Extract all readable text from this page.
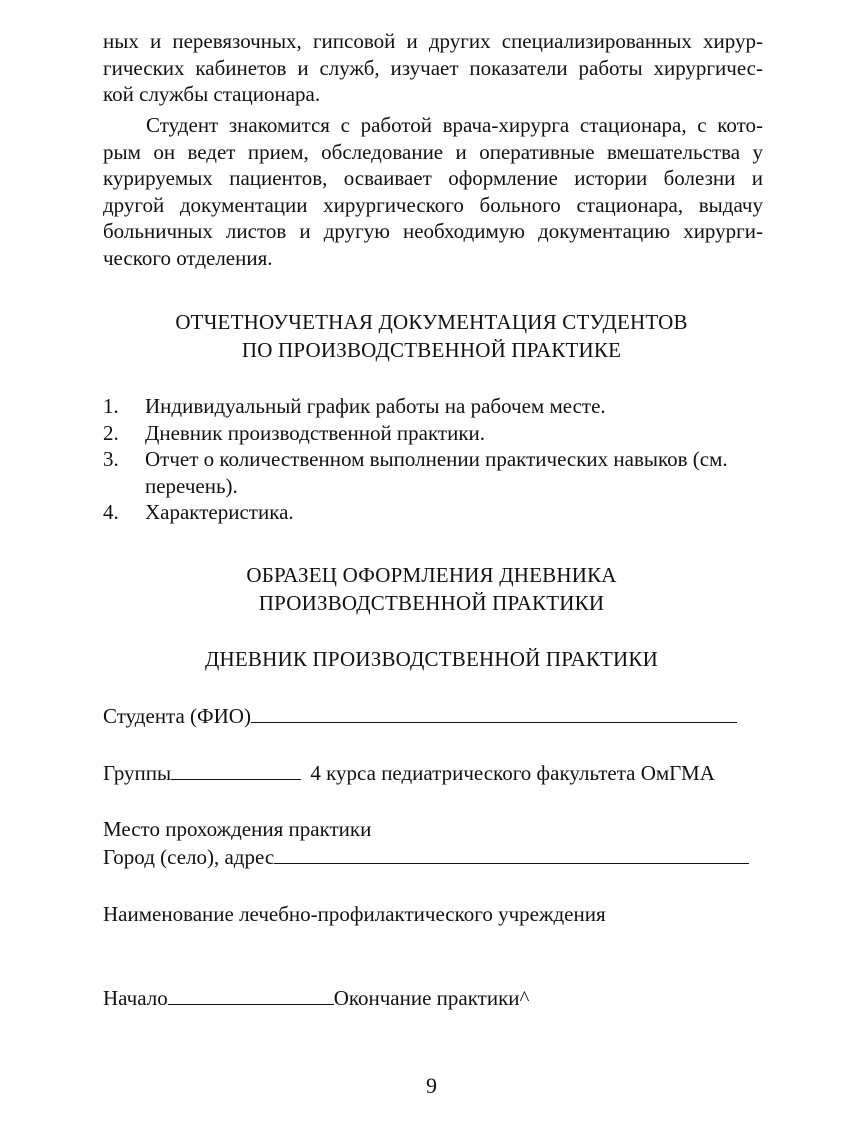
ных и перевязочных, гипсовой и других специализированных хирур-
гических кабинетов и служб, изучает показатели работы хирургичес-
кой службы стационара.
Студент знакомится с работой врача-хирурга стационара, с кото-
рым он ведет прием, обследование и оперативные вмешательства у
курируемых пациентов, осваивает оформление истории болезни и
другой документации хирургического больного стационара, выдачу
больничных листов и другую необходимую документацию хирурги-
ческого отделения.
ОТЧЕТНОУЧЕТНАЯ ДОКУМЕНТАЦИЯ СТУДЕНТОВ
ПО ПРОИЗВОДСТВЕННОЙ ПРАКТИКЕ
1. Индивидуальный график работы на рабочем месте.
2. Дневник производственной практики.
3. Отчет о количественном выполнении практических навыков (см. перечень).
4. Характеристика.
ОБРАЗЕЦ ОФОРМЛЕНИЯ ДНЕВНИКА
ПРОИЗВОДСТВЕННОЙ ПРАКТИКИ
ДНЕВНИК ПРОИЗВОДСТВЕННОЙ ПРАКТИКИ
Студента (ФИО)
Группы	4 курса педиатрического факультета ОмГМА
Место прохождения практики
Город (село), адрес
Наименование лечебно-профилактического учреждения
Начало	Окончание практики^
9
